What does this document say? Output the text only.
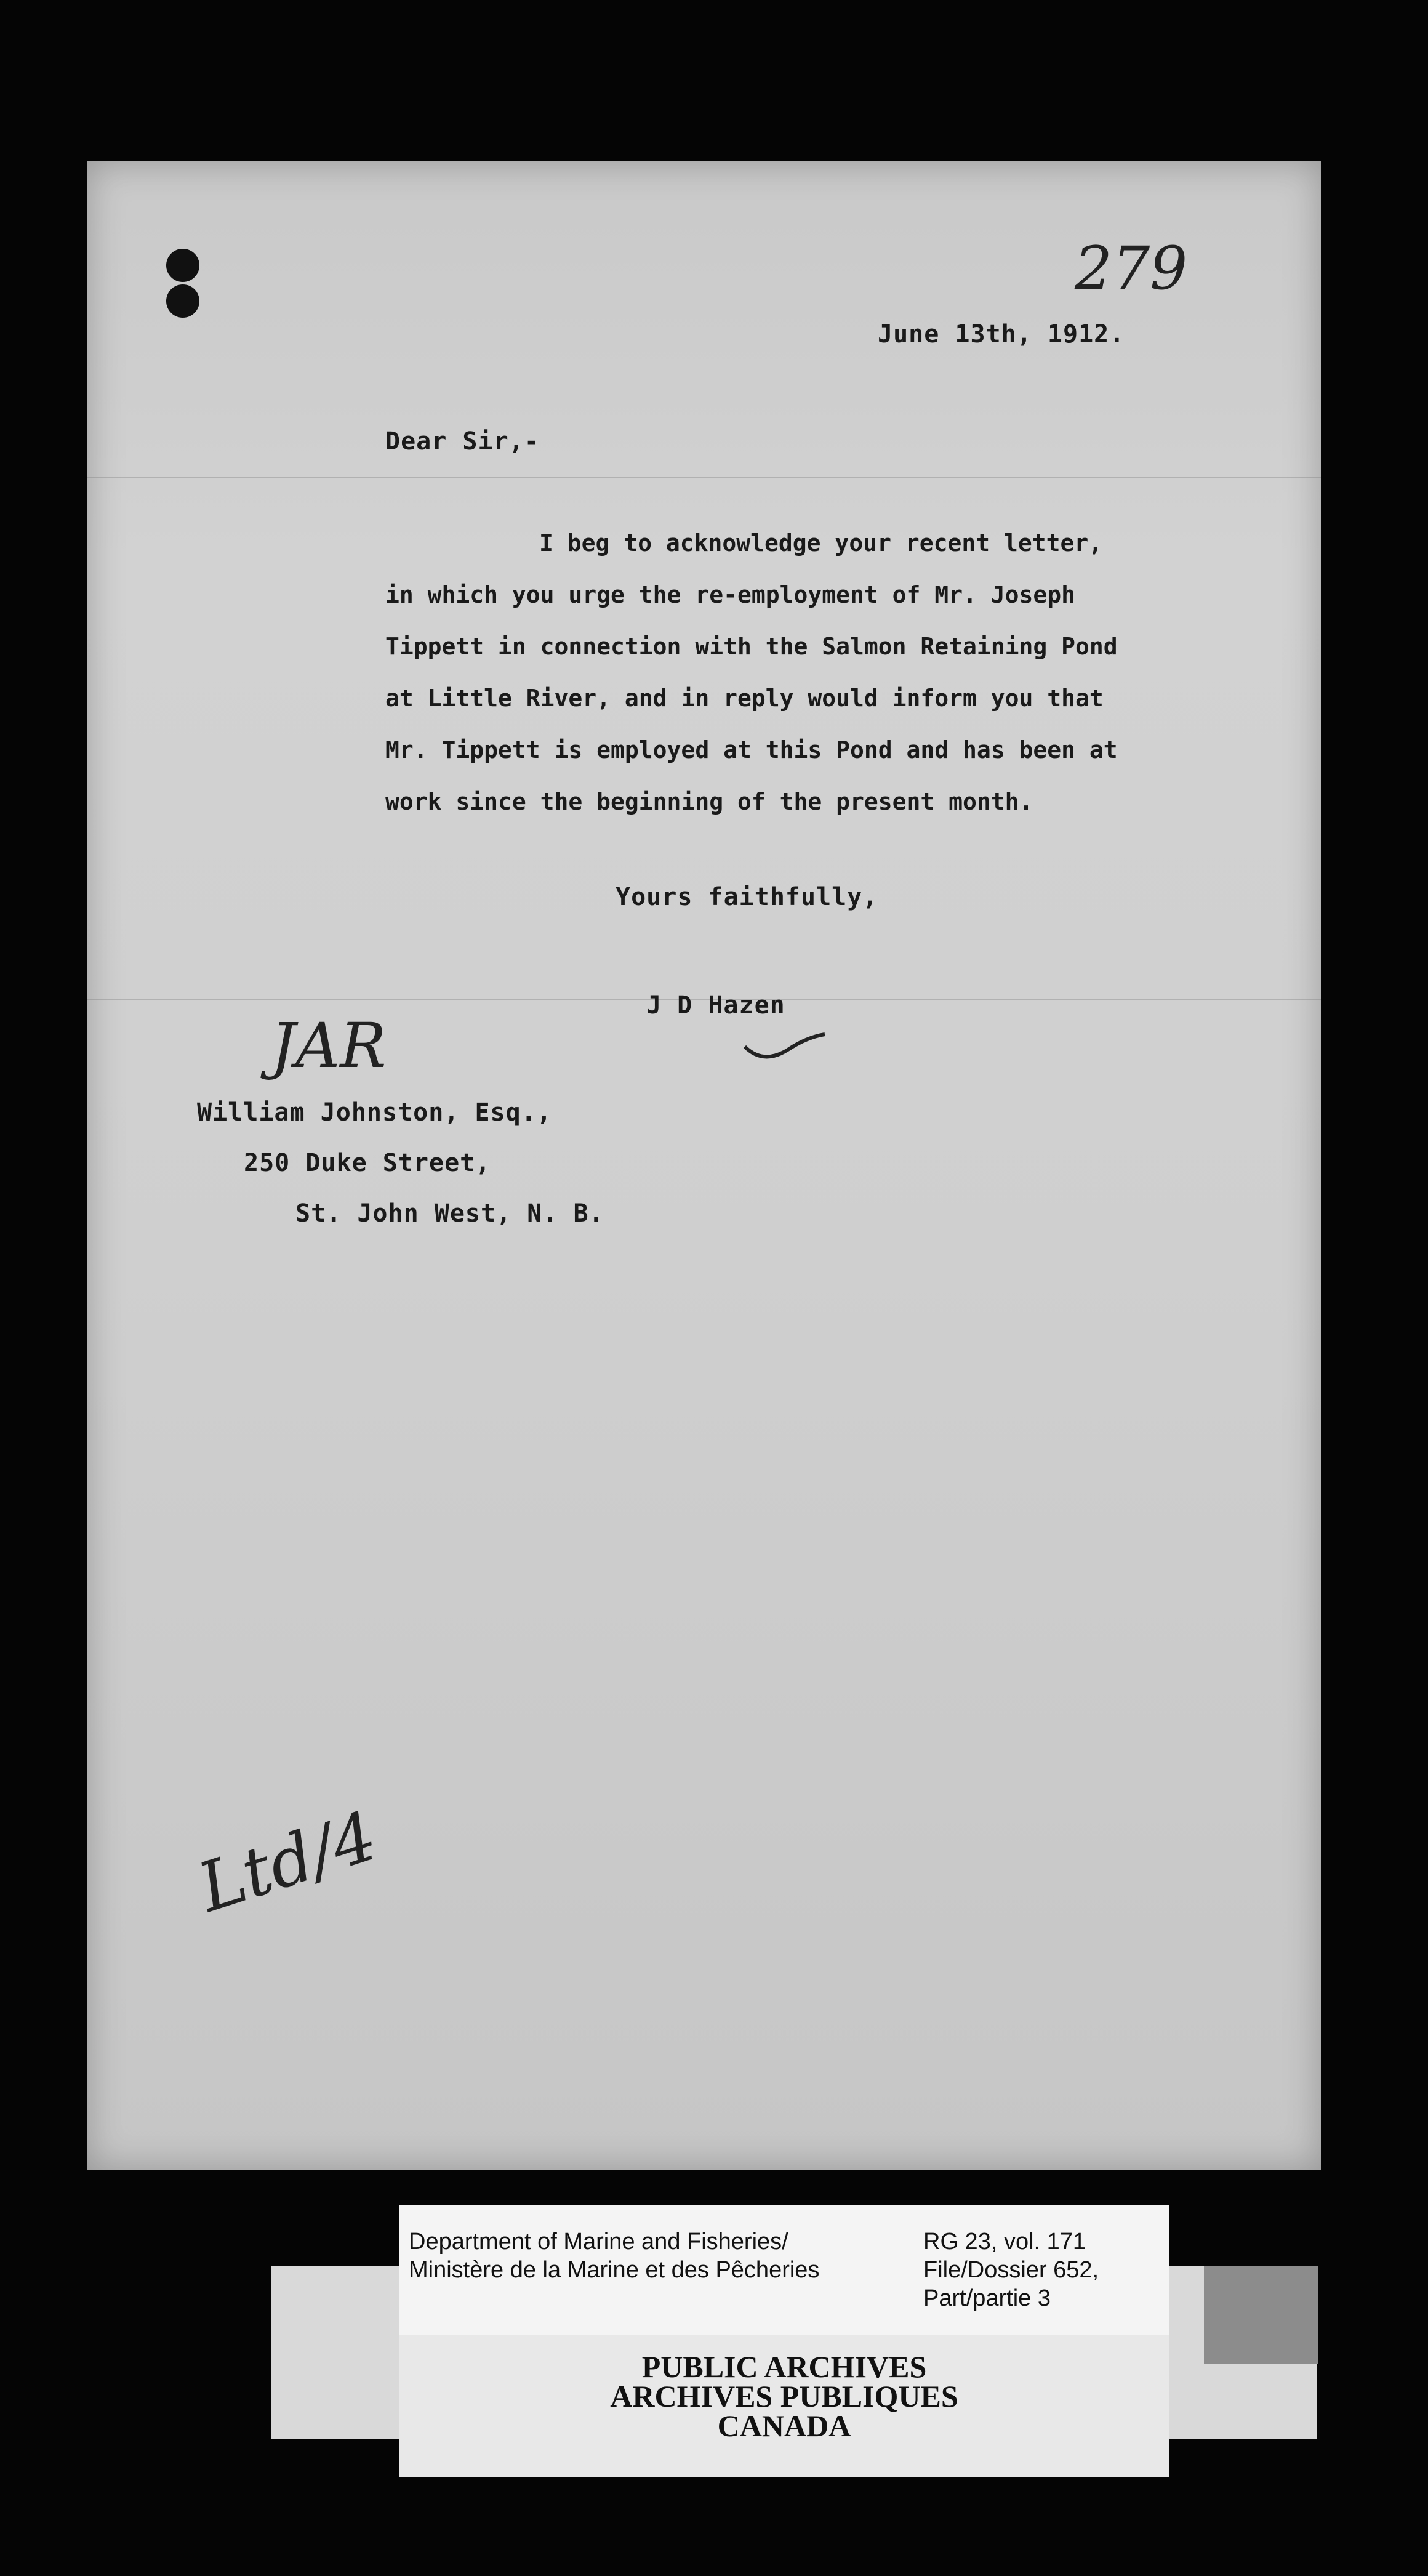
279
June 13th, 1912.
Dear Sir,-
I beg to acknowledge your recent letter,
in which you urge the re-employment of Mr. Joseph
Tippett in connection with the Salmon Retaining Pond
at Little River, and in reply would inform you that
Mr. Tippett is employed at this Pond and has been at
work since the beginning of the present month.
Yours faithfully,
J D Hazen
JAR
William Johnston, Esq.,
250 Duke Street,
St. John West, N. B.
Ltd/4
Department of Marine and Fisheries/
Ministère de la Marine et des Pêcheries
RG 23, vol. 171
File/Dossier 652,
Part/partie 3
PUBLIC ARCHIVES
ARCHIVES PUBLIQUES
CANADA
